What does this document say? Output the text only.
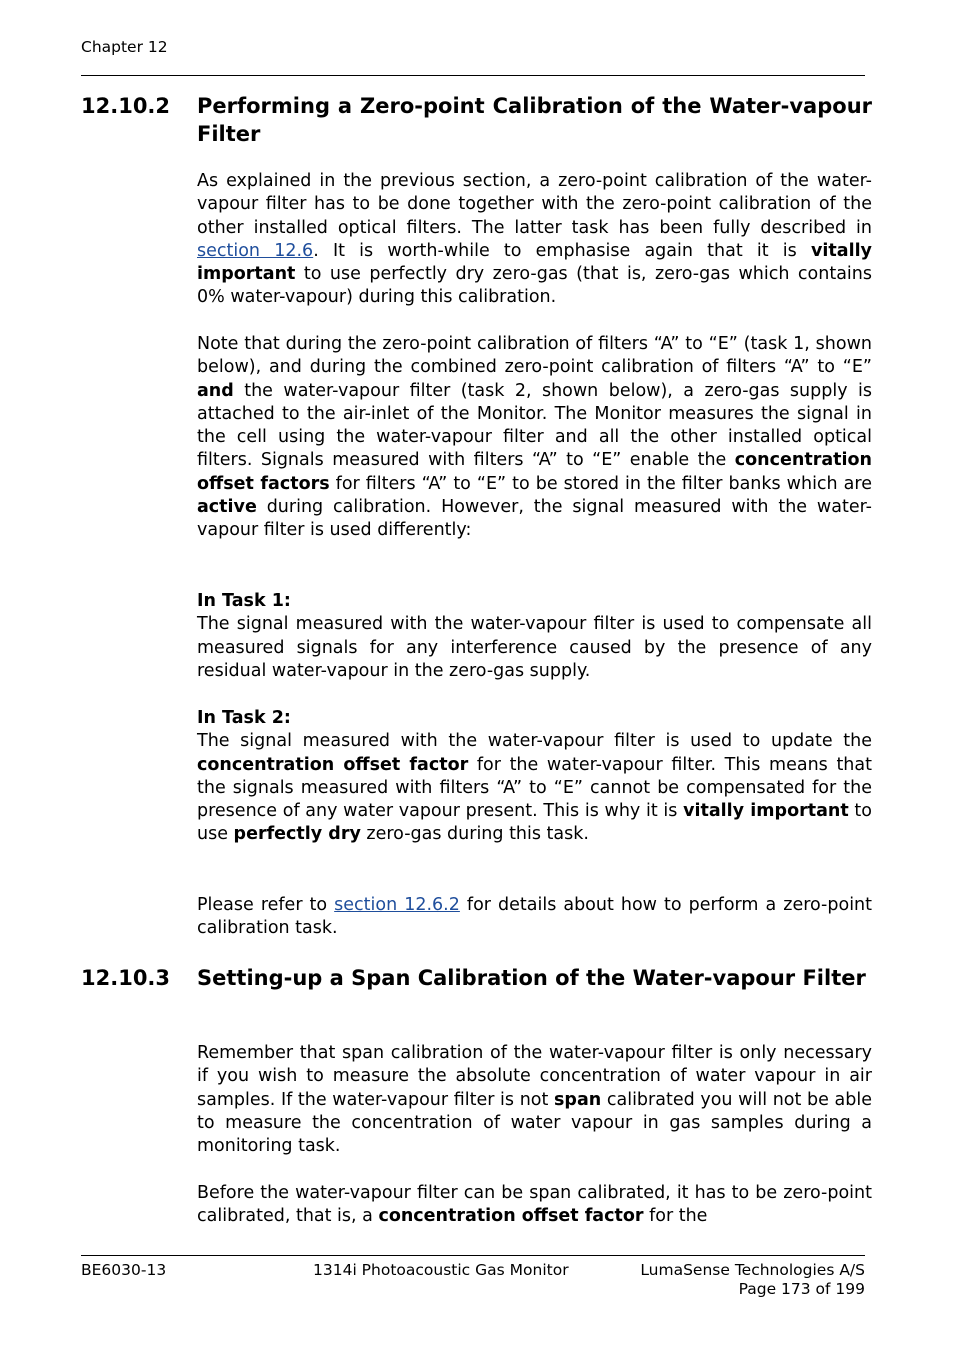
Chapter 12
12.10.2 Performing a Zero-point Calibration of the Water-vapour Filter

As explained in the previous section, a zero-point calibration of the water-vapour filter has to be done together with the zero-point calibration of the other installed optical filters. The latter task has been fully described in section 12.6. It is worth-while to emphasise again that it is vitally important to use perfectly dry zero-gas (that is, zero-gas which contains 0% water-vapour) during this calibration.

Note that during the zero-point calibration of filters “A” to “E” (task 1, shown below), and during the combined zero-point calibration of filters “A” to “E” and the water-vapour filter (task 2, shown below), a zero-gas supply is attached to the air-inlet of the Monitor. The Monitor measures the signal in the cell using the water-vapour filter and all the other installed optical filters. Signals measured with filters “A” to “E” enable the concentration offset factors for filters “A” to “E” to be stored in the filter banks which are active during calibration. However, the signal measured with the water-vapour filter is used differently:

In Task 1:

The signal measured with the water-vapour filter is used to compensate all measured signals for any interference caused by the presence of any residual water-vapour in the zero-gas supply.

In Task 2:

The signal measured with the water-vapour filter is used to update the concentration offset factor for the water-vapour filter. This means that the signals measured with filters “A” to “E” cannot be compensated for the presence of any water vapour present. This is why it is vitally important to use perfectly dry zero-gas during this task.

Please refer to section 12.6.2 for details about how to perform a zero-point calibration task.

12.10.3 Setting-up a Span Calibration of the Water-vapour Filter

Remember that span calibration of the water-vapour filter is only necessary if you wish to measure the absolute concentration of water vapour in air samples. If the water-vapour filter is not span calibrated you will not be able to measure the concentration of water vapour in gas samples during a monitoring task.

Before the water-vapour filter can be span calibrated, it has to be zero-point calibrated, that is, a concentration offset factor for the

BE6030-13	1314i Photoacoustic Gas Monitor	LumaSense Technologies A/S
Page 173 of 199
